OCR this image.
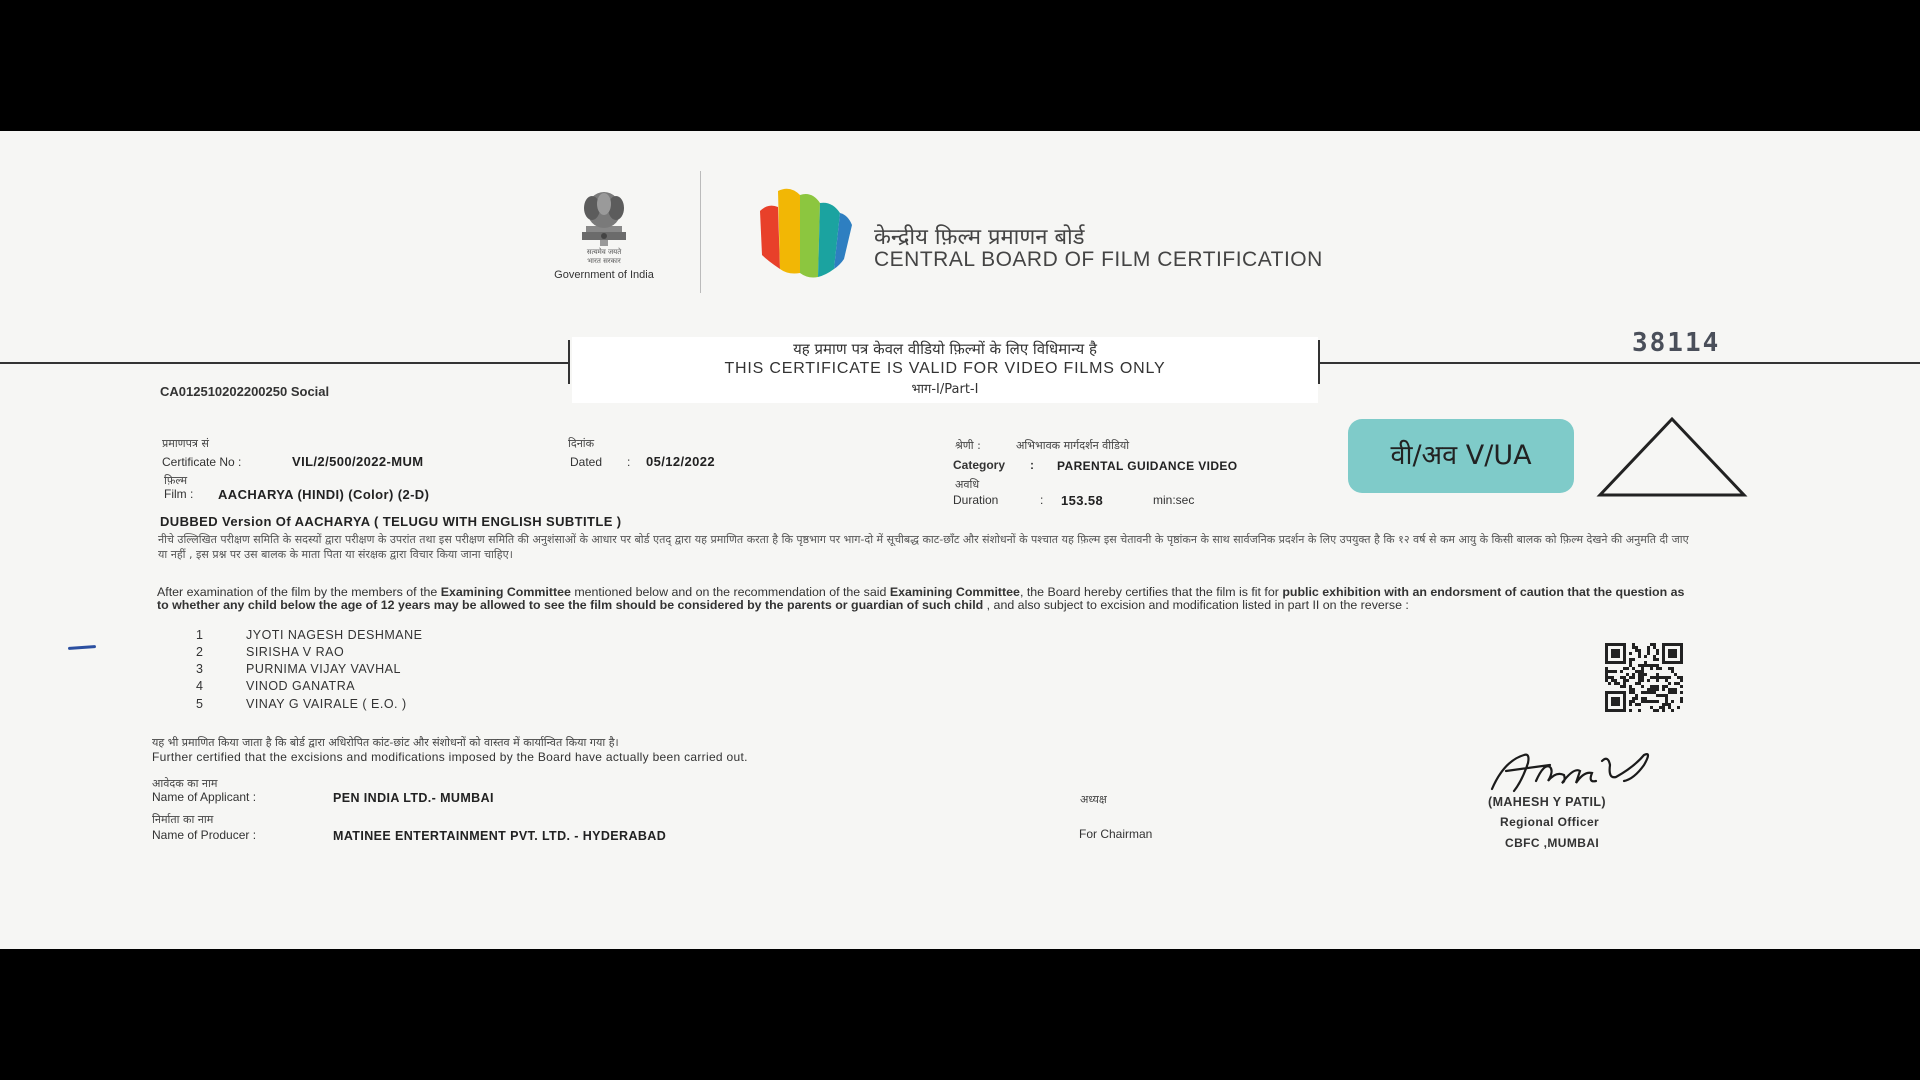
सत्यमेव जयते
भारत सरकार
Government of India
केन्द्रीय फ़िल्म प्रमाणन बोर्ड
CENTRAL BOARD OF FILM CERTIFICATION
यह प्रमाण पत्र केवल वीडियो फ़िल्मों के लिए विधिमान्य है
THIS CERTIFICATE IS VALID FOR VIDEO FILMS ONLY
भाग-I/Part-I
38114
CA012510202200250 Social
प्रमाणपत्र सं
Certificate No :	VIL/2/500/2022-MUM
दिनांक
Dated : 05/12/2022
श्रेणी :	अभिभावक मार्गदर्शन वीडियो
Category : PARENTAL GUIDANCE VIDEO
अवधि
Duration	: 153.58	min:sec
फ़िल्म
Film : AACHARYA (HINDI) (Color) (2-D)
वी/अव V/UA
DUBBED Version Of AACHARYA ( TELUGU WITH ENGLISH SUBTITLE )
नीचे उल्लिखित परीक्षण समिति के सदस्यों द्वारा परीक्षण के उपरांत तथा इस परीक्षण समिति की अनुशंसाओं के आधार पर बोर्ड एतद् द्वारा यह प्रमाणित करता है कि पृष्ठभाग पर भाग-दो में सूचीबद्ध काट-छाँट और संशोधनों के पश्चात यह फ़िल्म इस चेतावनी के पृष्ठांकन के साथ सार्वजनिक प्रदर्शन के लिए उपयुक्त है कि १२ वर्ष से कम आयु के किसी बालक को फ़िल्म देखने की अनुमति दी जाए या नहीं , इस प्रश्न पर उस बालक के माता पिता या संरक्षक द्वारा विचार किया जाना चाहिए।
After examination of the film by the members of the Examining Committee mentioned below and on the recommendation of the said Examining Committee, the Board hereby certifies that the film is fit for public exhibition with an endorsment of caution that the question as to whether any child below the age of 12 years may be allowed to see the film should be considered by the parents or guardian of such child , and also subject to excision and modification listed in part II on the reverse :
1	JYOTI NAGESH DESHMANE
2	SIRISHA V RAO
3	PURNIMA VIJAY VAVHAL
4	VINOD GANATRA
5	VINAY G VAIRALE ( E.O. )
यह भी प्रमाणित किया जाता है कि बोर्ड द्वारा अधिरोपित कांट-छांट और संशोधनों को वास्तव में कार्यान्वित किया गया है।
Further certified that the excisions and modifications imposed by the Board have actually been carried out.
आवेदक का नाम
Name of Applicant :	PEN INDIA LTD.- MUMBAI
निर्माता का नाम
Name of Producer :	MATINEE ENTERTAINMENT PVT. LTD. - HYDERABAD
अध्यक्ष
For Chairman
(MAHESH Y PATIL)
Regional Officer
CBFC ,MUMBAI
